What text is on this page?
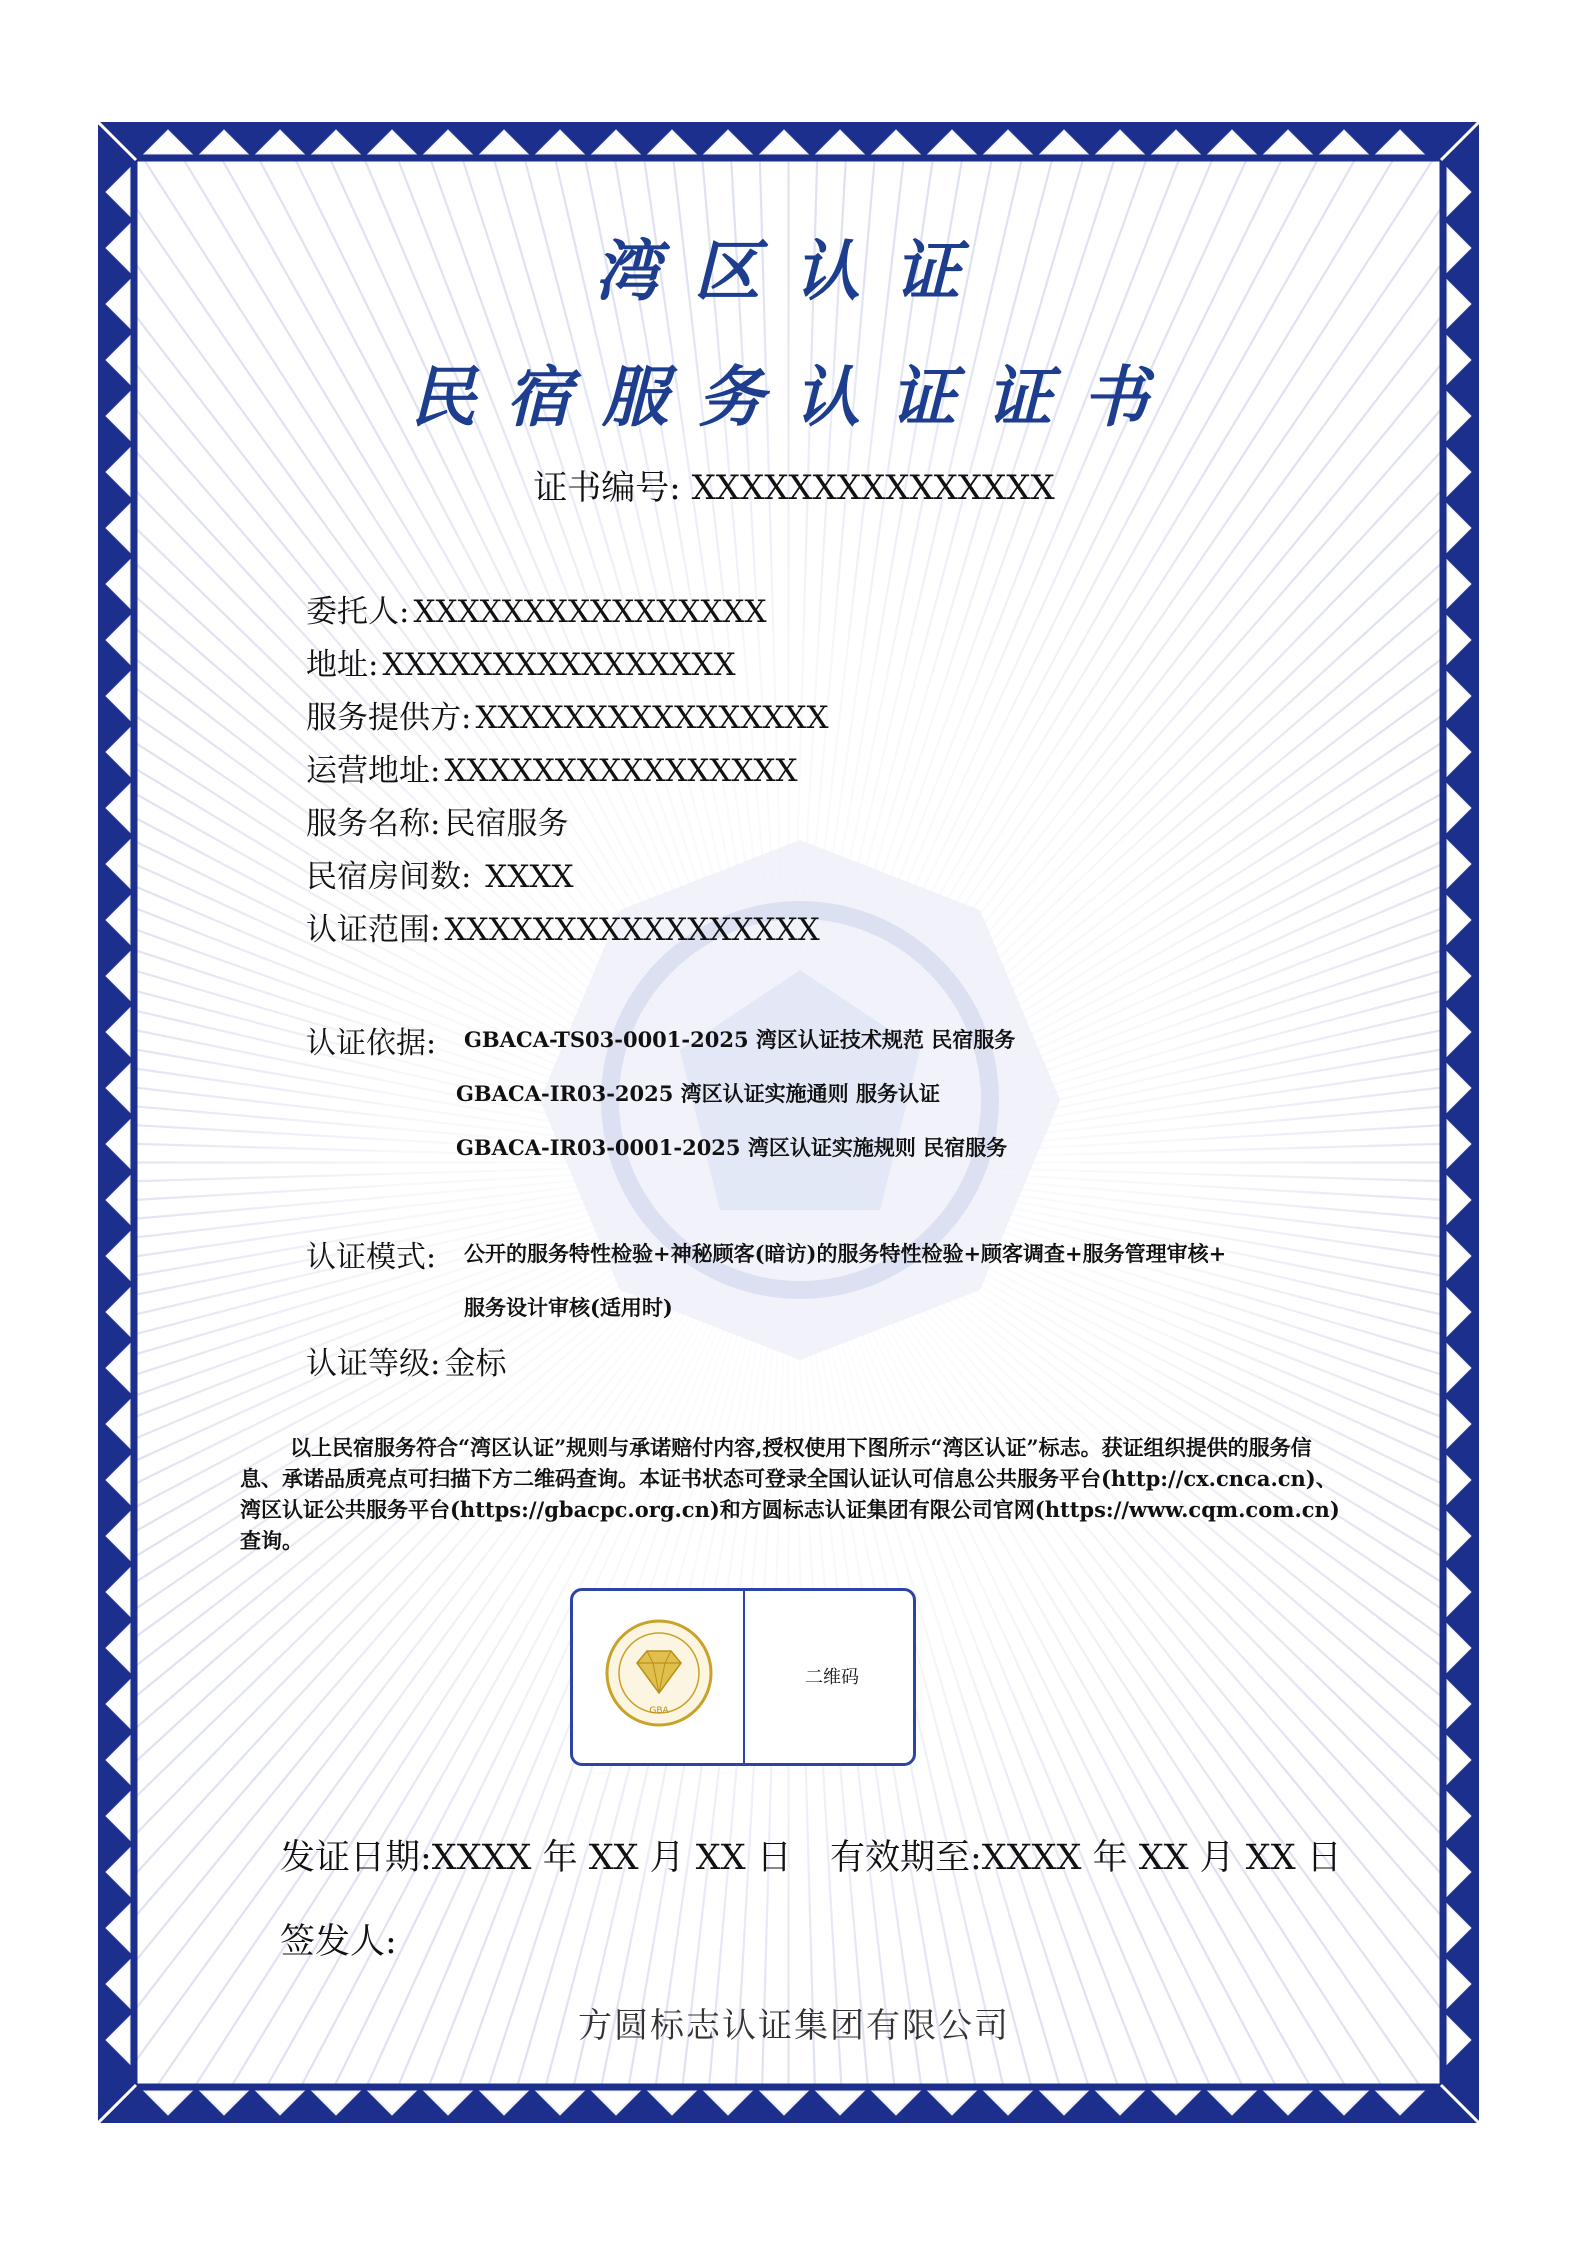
湾区认证
民宿服务认证证书
证书编号: XXXXXXXXXXXXXXX
委托人: XXXXXXXXXXXXXXXX
地址: XXXXXXXXXXXXXXXX
服务提供方: XXXXXXXXXXXXXXXX
运营地址: XXXXXXXXXXXXXXXX
服务名称: 民宿服务
民宿房间数: XXXX
认证范围: XXXXXXXXXXXXXXXXX
认证依据: GBACA-TS03-0001-2025 湾区认证技术规范 民宿服务
GBACA-IR03-2025 湾区认证实施通则 服务认证
GBACA-IR03-0001-2025 湾区认证实施规则 民宿服务
认证模式: 公开的服务特性检验+神秘顾客(暗访)的服务特性检验+顾客调查+服务管理审核+
服务设计审核(适用时)
认证等级: 金标
以上民宿服务符合“湾区认证”规则与承诺赔付内容,授权使用下图所示“湾区认证”标志。获证组织提供的服务信息、承诺品质亮点可扫描下方二维码查询。本证书状态可登录全国认证认可信息公共服务平台(http://cx.cnca.cn)、湾区认证公共服务平台(https://gbacpc.org.cn)和方圆标志认证集团有限公司官网(https://www.cqm.com.cn)查询。
GBA
二维码
发证日期:XXXX 年 XX 月 XX 日 有效期至:XXXX 年 XX 月 XX 日
签发人:
方圆标志认证集团有限公司
